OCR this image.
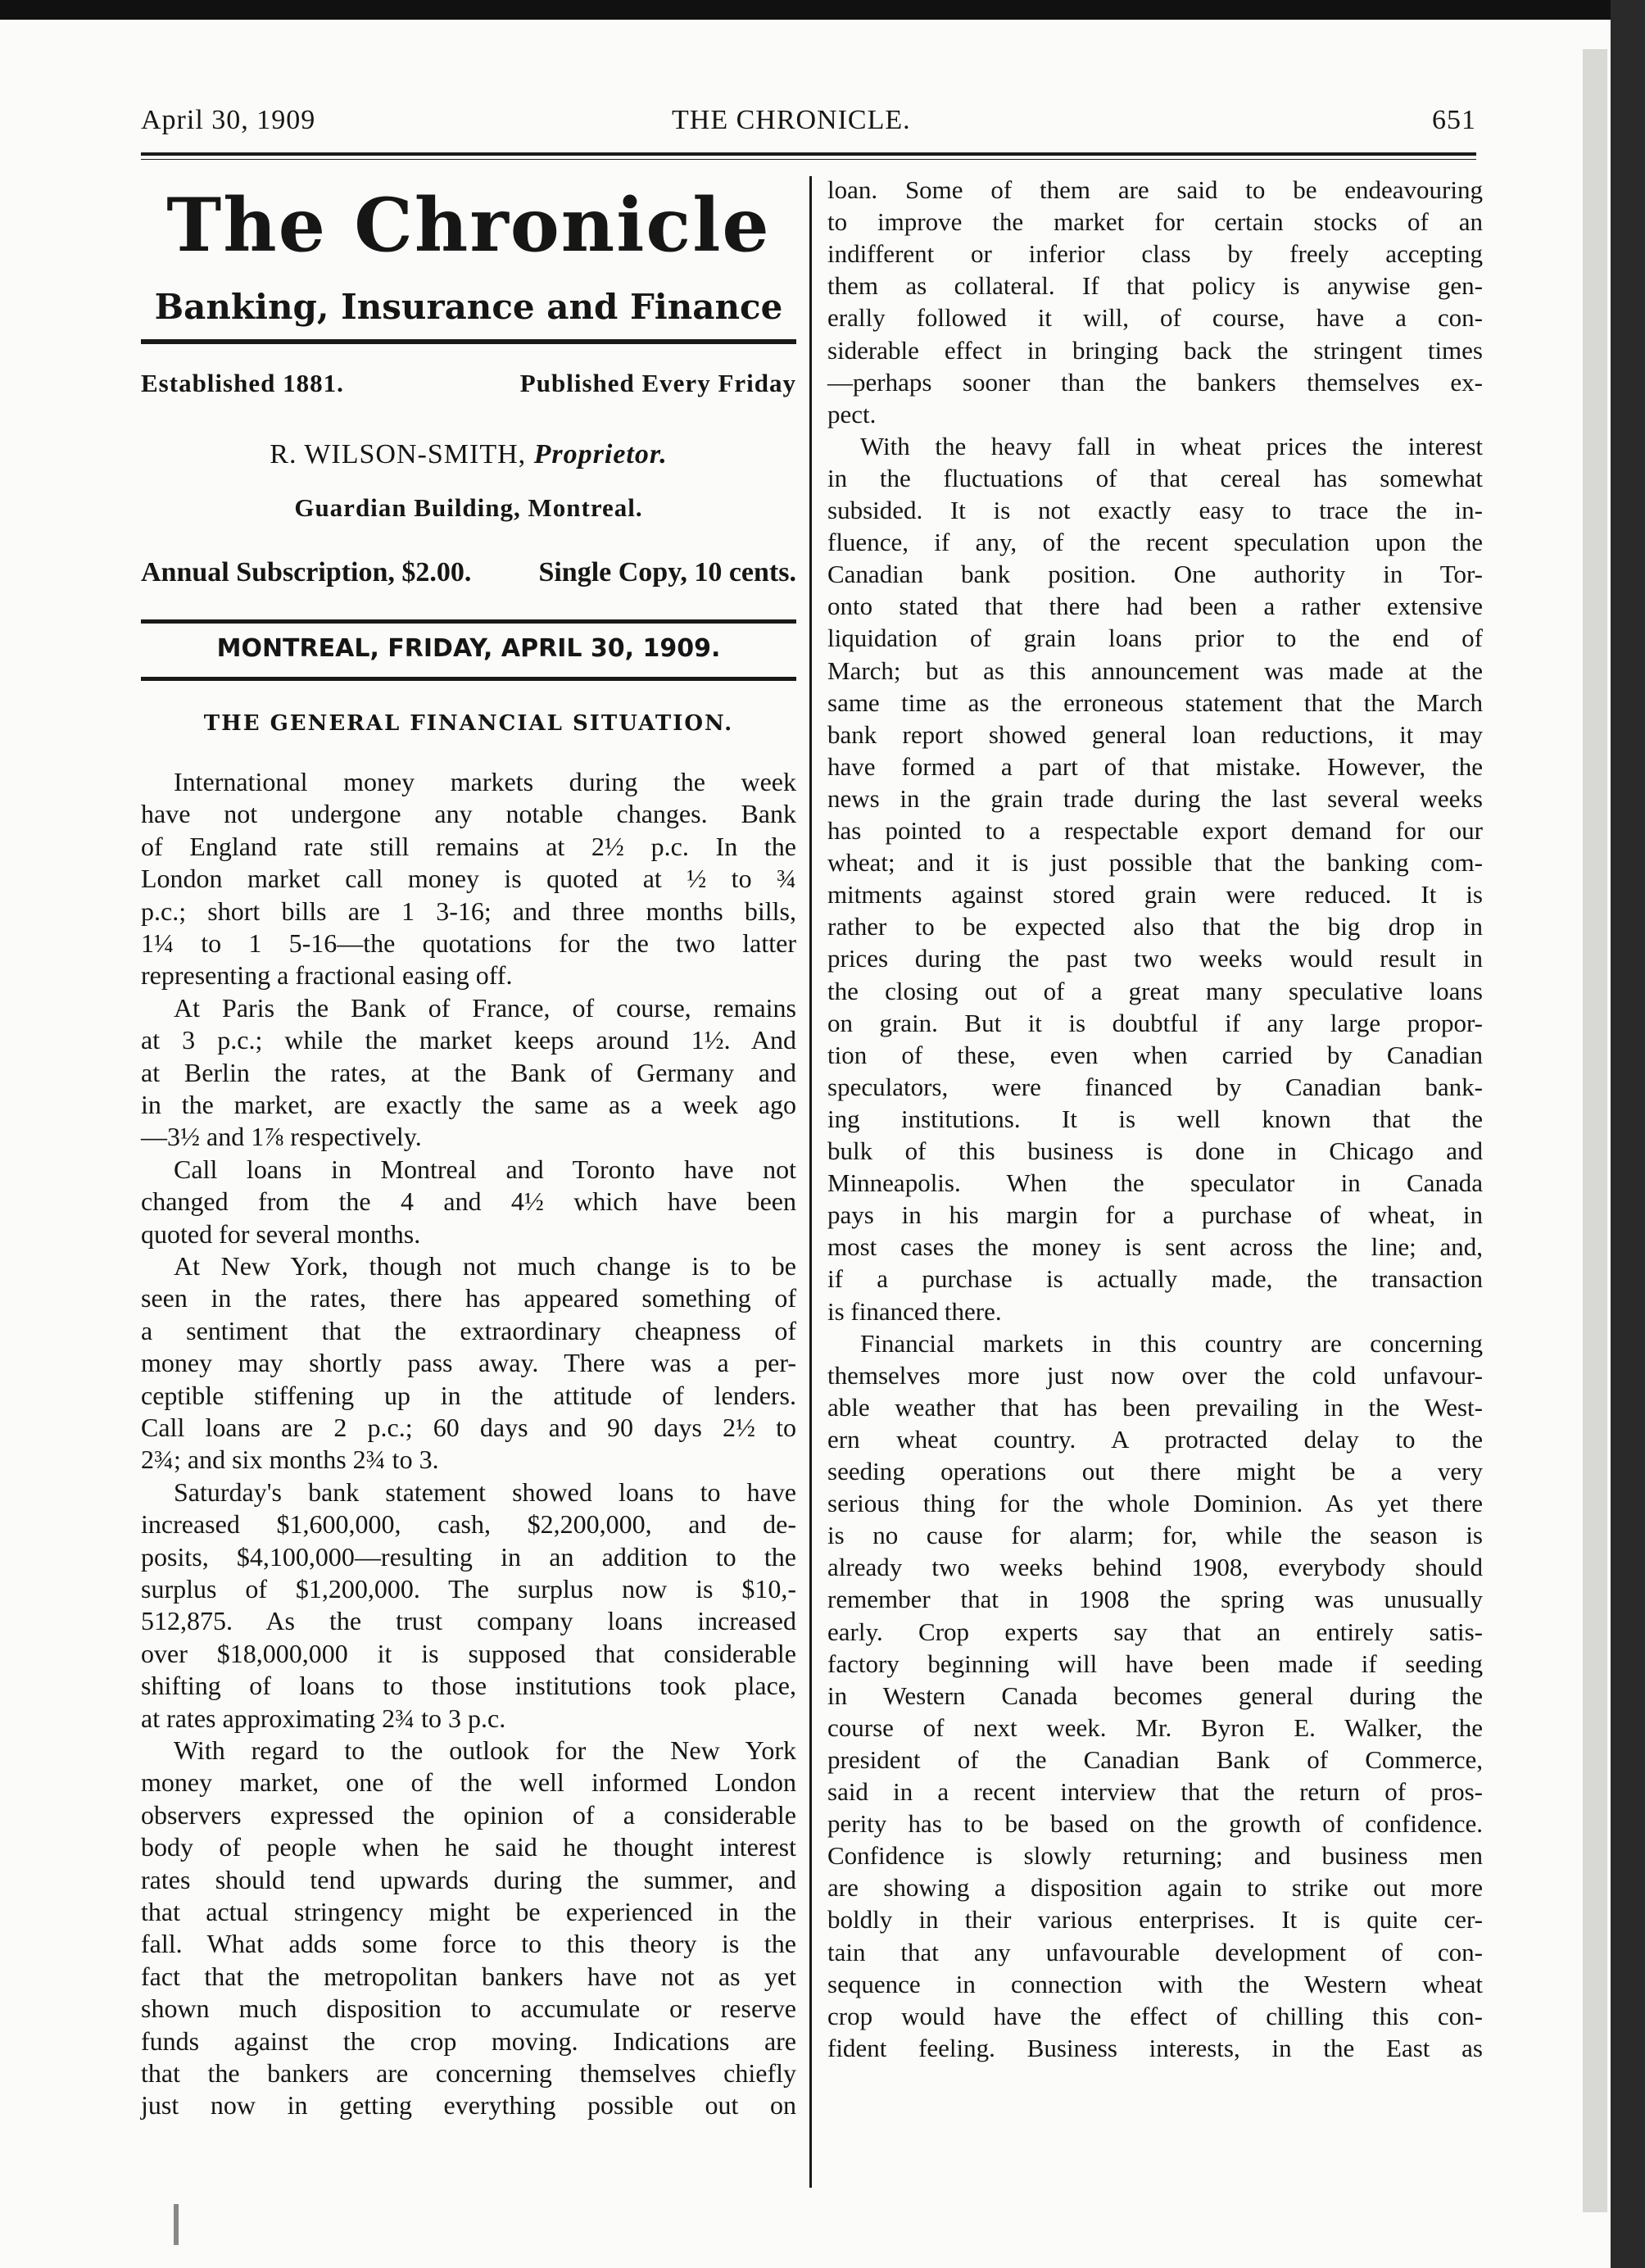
April 30, 1909	THE CHRONICLE.	651
The Chronicle
Banking, Insurance and Finance
Established 1881.	Published Every Friday
R. WILSON-SMITH, Proprietor.
Guardian Building, Montreal.
Annual Subscription, $2.00. Single Copy, 10 cents.
MONTREAL, FRIDAY, APRIL 30, 1909.
THE GENERAL FINANCIAL SITUATION.
International money markets during the week
have not undergone any notable changes. Bank
of England rate still remains at 2½ p.c. In the
London market call money is quoted at ½ to ¾
p.c.; short bills are 1 3-16; and three months bills,
1¼ to 1 5-16—the quotations for the two latter
representing a fractional easing off.
At Paris the Bank of France, of course, remains
at 3 p.c.; while the market keeps around 1½. And
at Berlin the rates, at the Bank of Germany and
in the market, are exactly the same as a week ago
—3½ and 1⅞ respectively.
Call loans in Montreal and Toronto have not
changed from the 4 and 4½ which have been
quoted for several months.
At New York, though not much change is to be
seen in the rates, there has appeared something of
a sentiment that the extraordinary cheapness of
money may shortly pass away. There was a per-
ceptible stiffening up in the attitude of lenders.
Call loans are 2 p.c.; 60 days and 90 days 2½ to
2¾; and six months 2¾ to 3.
Saturday's bank statement showed loans to have
increased $1,600,000, cash, $2,200,000, and de-
posits, $4,100,000—resulting in an addition to the
surplus of $1,200,000. The surplus now is $10,-
512,875. As the trust company loans increased
over $18,000,000 it is supposed that considerable
shifting of loans to those institutions took place,
at rates approximating 2¾ to 3 p.c.
With regard to the outlook for the New York
money market, one of the well informed London
observers expressed the opinion of a considerable
body of people when he said he thought interest
rates should tend upwards during the summer, and
that actual stringency might be experienced in the
fall. What adds some force to this theory is the
fact that the metropolitan bankers have not as yet
shown much disposition to accumulate or reserve
funds against the crop moving. Indications are
that the bankers are concerning themselves chiefly
just now in getting everything possible out on
loan. Some of them are said to be endeavouring
to improve the market for certain stocks of an
indifferent or inferior class by freely accepting
them as collateral. If that policy is anywise gen-
erally followed it will, of course, have a con-
siderable effect in bringing back the stringent times
—perhaps sooner than the bankers themselves ex-
pect.
With the heavy fall in wheat prices the interest
in the fluctuations of that cereal has somewhat
subsided. It is not exactly easy to trace the in-
fluence, if any, of the recent speculation upon the
Canadian bank position. One authority in Tor-
onto stated that there had been a rather extensive
liquidation of grain loans prior to the end of
March; but as this announcement was made at the
same time as the erroneous statement that the March
bank report showed general loan reductions, it may
have formed a part of that mistake. However, the
news in the grain trade during the last several weeks
has pointed to a respectable export demand for our
wheat; and it is just possible that the banking com-
mitments against stored grain were reduced. It is
rather to be expected also that the big drop in
prices during the past two weeks would result in
the closing out of a great many speculative loans
on grain. But it is doubtful if any large propor-
tion of these, even when carried by Canadian
speculators, were financed by Canadian bank-
ing institutions. It is well known that the
bulk of this business is done in Chicago and
Minneapolis. When the speculator in Canada
pays in his margin for a purchase of wheat, in
most cases the money is sent across the line; and,
if a purchase is actually made, the transaction
is financed there.
Financial markets in this country are concerning
themselves more just now over the cold unfavour-
able weather that has been prevailing in the West-
ern wheat country. A protracted delay to the
seeding operations out there might be a very
serious thing for the whole Dominion. As yet there
is no cause for alarm; for, while the season is
already two weeks behind 1908, everybody should
remember that in 1908 the spring was unusually
early. Crop experts say that an entirely satis-
factory beginning will have been made if seeding
in Western Canada becomes general during the
course of next week. Mr. Byron E. Walker, the
president of the Canadian Bank of Commerce,
said in a recent interview that the return of pros-
perity has to be based on the growth of confidence.
Confidence is slowly returning; and business men
are showing a disposition again to strike out more
boldly in their various enterprises. It is quite cer-
tain that any unfavourable development of con-
sequence in connection with the Western wheat
crop would have the effect of chilling this con-
fident feeling. Business interests, in the East as
